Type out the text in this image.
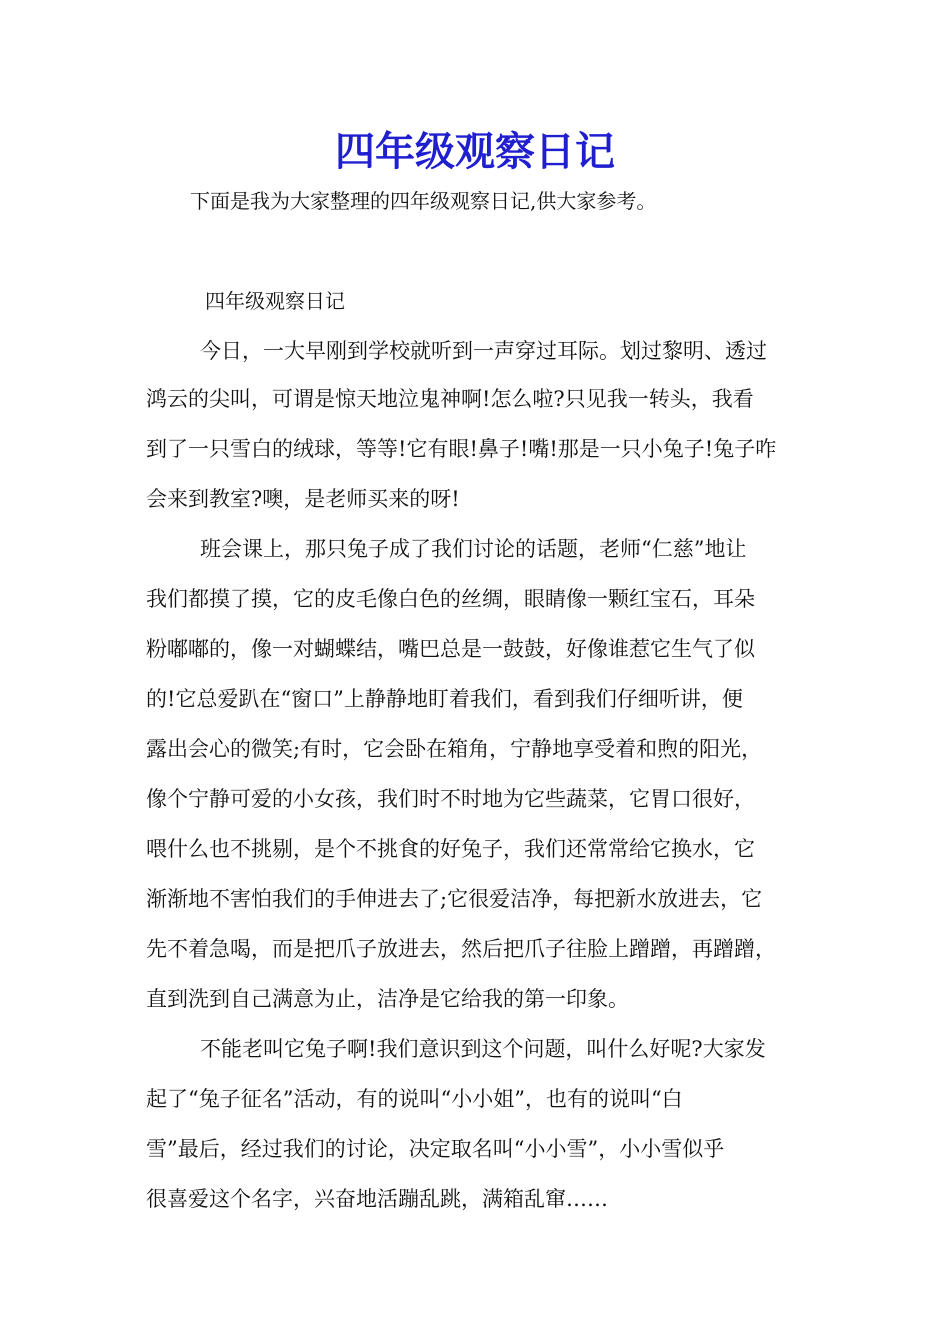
四年级观察日记
下面是我为大家整理的四年级观察日记,供大家参考。
四年级观察日记
今日，一大早刚到学校就听到一声穿过耳际。划过黎明、透过
鸿云的尖叫，可谓是惊天地泣鬼神啊!怎么啦?只见我一转头，我看
到了一只雪白的绒球，等等!它有眼!鼻子!嘴!那是一只小兔子!兔子咋
会来到教室?噢，是老师买来的呀!
班会课上，那只兔子成了我们讨论的话题，老师“仁慈”地让
我们都摸了摸，它的皮毛像白色的丝绸，眼睛像一颗红宝石，耳朵
粉嘟嘟的，像一对蝴蝶结，嘴巴总是一鼓鼓，好像谁惹它生气了似
的!它总爱趴在“窗口”上静静地盯着我们，看到我们仔细听讲，便
露出会心的微笑;有时，它会卧在箱角，宁静地享受着和煦的阳光，
像个宁静可爱的小女孩，我们时不时地为它些蔬菜，它胃口很好，
喂什么也不挑剔，是个不挑食的好兔子，我们还常常给它换水，它
渐渐地不害怕我们的手伸进去了;它很爱洁净，每把新水放进去，它
先不着急喝，而是把爪子放进去，然后把爪子往脸上蹭蹭，再蹭蹭，
直到洗到自己满意为止，洁净是它给我的第一印象。
不能老叫它兔子啊!我们意识到这个问题，叫什么好呢?大家发
起了“兔子征名”活动，有的说叫“小小姐”，也有的说叫“白
雪”最后，经过我们的讨论，决定取名叫“小小雪”，小小雪似乎
很喜爱这个名字，兴奋地活蹦乱跳，满箱乱窜……
